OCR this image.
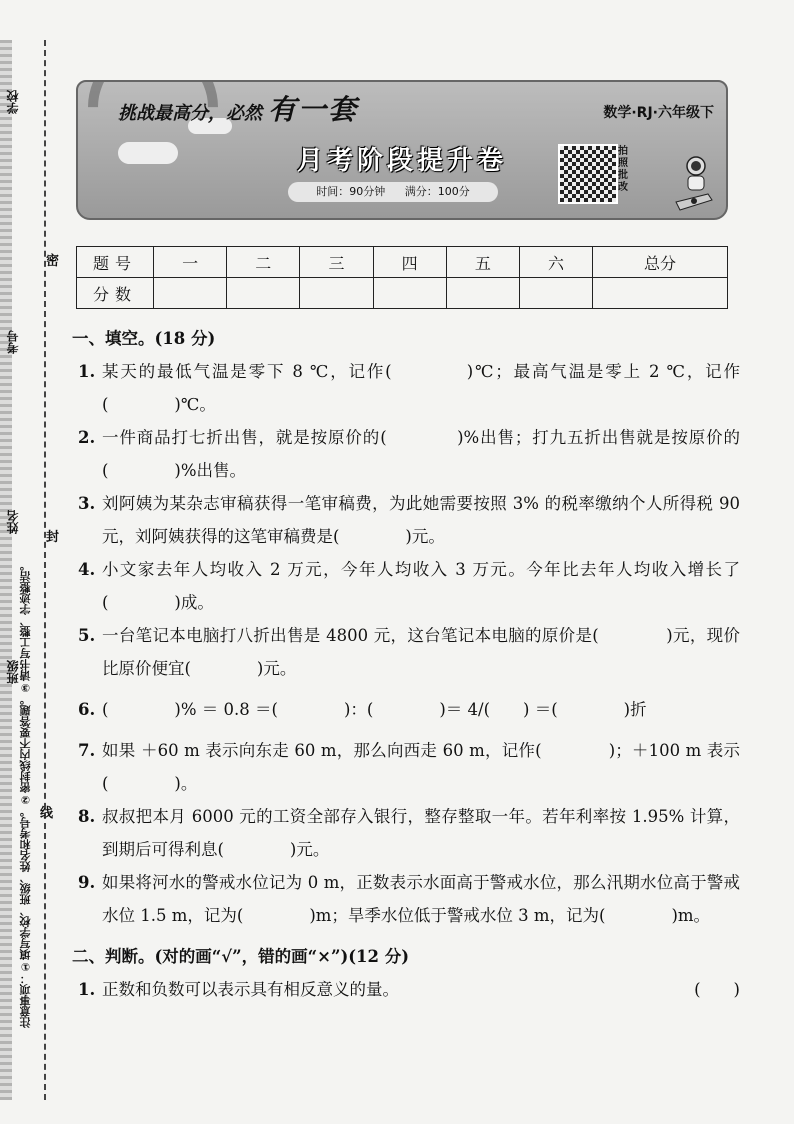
注意事项：①填写学校、班级、姓名和考号。②密封线内不要答题。③请书写工整、字迹整洁。
学校
班级
姓名
考号
密
封
线
挑战最高分，必然 有一套	数学·RJ·六年级下
月考阶段提升卷
时间：90分钟 满分：100分
拍照批改
题号	一	二	三	四	五	六	总分
分数							
一、填空。(18 分)
1. 某天的最低气温是零下 8 ℃，记作(　　　　)℃；最高气温是零上 2 ℃，记作(　　　　)℃。
2. 一件商品打七折出售，就是按原价的(　　　　)%出售；打九五折出售就是按原价的(　　　　)%出售。
3. 刘阿姨为某杂志审稿获得一笔审稿费，为此她需要按照 3% 的税率缴纳个人所得税 90 元，刘阿姨获得的这笔审稿费是(　　　　)元。
4. 小文家去年人均收入 2 万元，今年人均收入 3 万元。今年比去年人均收入增长了(　　　　)成。
5. 一台笔记本电脑打八折出售是 4800 元，这台笔记本电脑的原价是(　　　　)元，现价比原价便宜(　　　　)元。
6. (　　　　)% ＝ 0.8 ＝(　　　　)：(　　　　)＝ 4/(　　) ＝(　　　　)折
7. 如果 ＋60 m 表示向东走 60 m，那么向西走 60 m，记作(　　　　)；＋100 m 表示(　　　　)。
8. 叔叔把本月 6000 元的工资全部存入银行，整存整取一年。若年利率按 1.95% 计算，到期后可得利息(　　　　)元。
9. 如果将河水的警戒水位记为 0 m，正数表示水面高于警戒水位，那么汛期水位高于警戒水位 1.5 m，记为(　　　　)m；旱季水位低于警戒水位 3 m，记为(　　　　)m。
二、判断。(对的画“√”，错的画“×”)(12 分)
1. 正数和负数可以表示具有相反意义的量。	(　　)
